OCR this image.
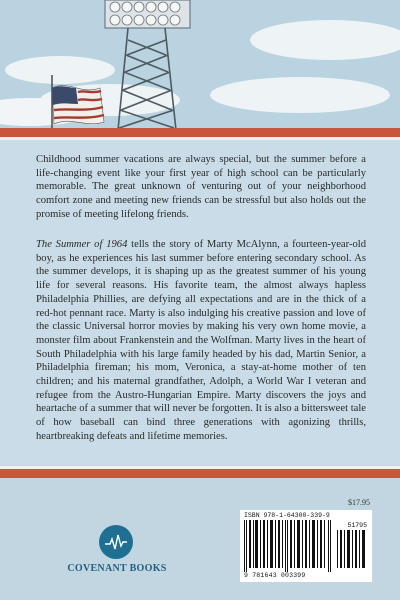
Childhood summer vacations are always special, but the summer before a life-changing event like your first year of high school can be particularly memorable. The great unknown of venturing out of your neighborhood comfort zone and meeting new friends can be stressful but also holds out the promise of meeting lifelong friends.

The Summer of 1964 tells the story of Marty McAlynn, a fourteen-year-old boy, as he experiences his last summer before entering secondary school. As the summer develops, it is shaping up as the greatest summer of his young life for several reasons. His favorite team, the almost always hapless Philadelphia Phillies, are defying all expectations and are in the thick of a red-hot pennant race. Marty is also indulging his creative passion and love of the classic Universal horror movies by making his very own home movie, a monster film about Frankenstein and the Wolfman. Marty lives in the heart of South Philadelphia with his large family headed by his dad, Martin Senior, a Philadelphia fireman; his mom, Veronica, a stay-at-home mother of ten children; and his maternal grandfather, Adolph, a World War I veteran and refugee from the Austro-Hungarian Empire. Marty discovers the joys and heartache of a summer that will never be forgotten. It is also a bittersweet tale of how baseball can bind three generations with agonizing thrills, heartbreaking defeats and lifetime memories.

COVENANT BOOKS
$17.95
ISBN 978-1-64300-339-9
51795
9 781643 003399
